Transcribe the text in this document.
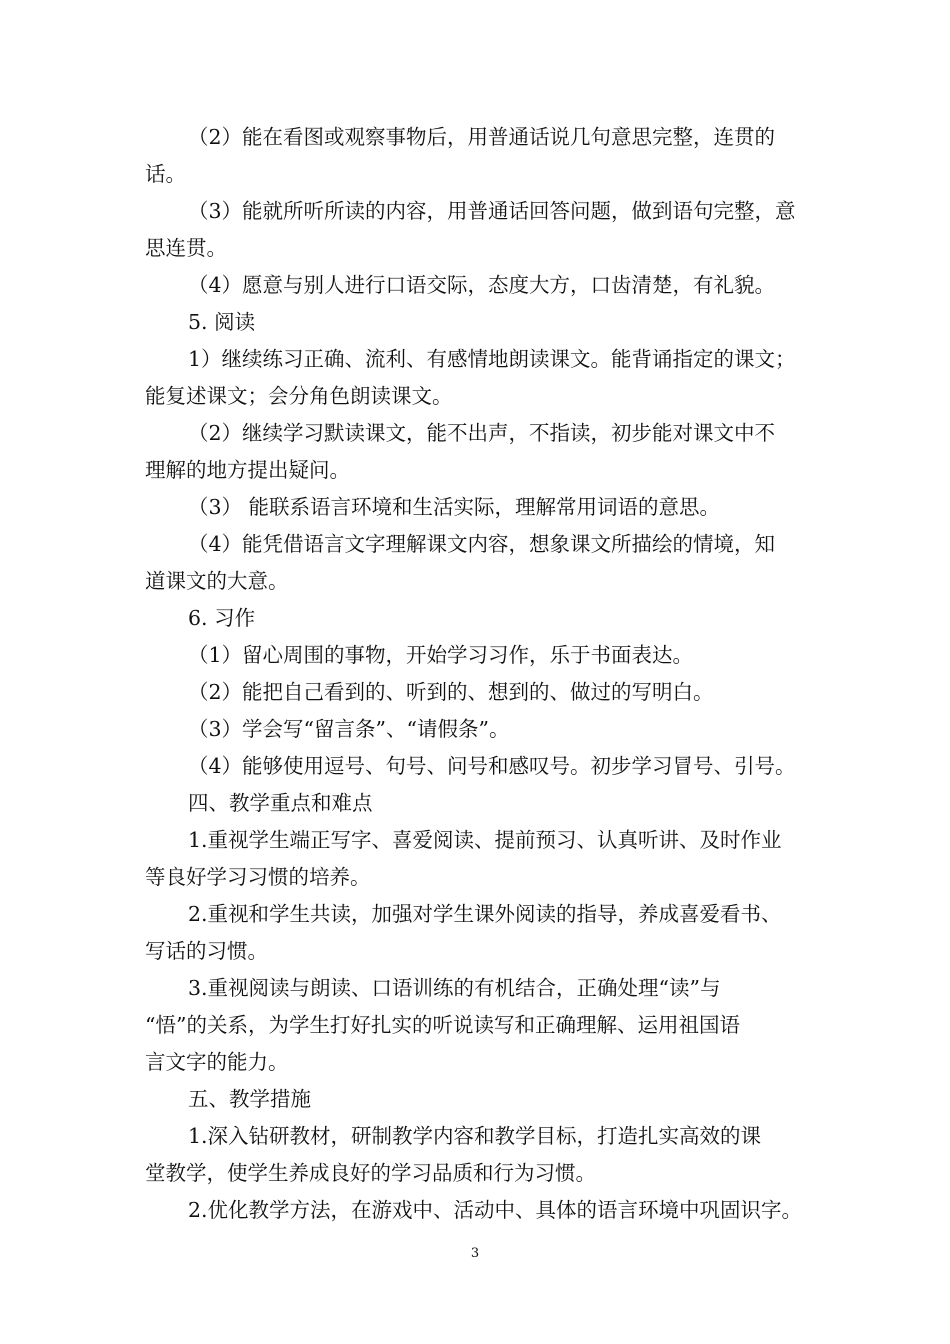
（2）能在看图或观察事物后，用普通话说几句意思完整，连贯的
话。
（3）能就所听所读的内容，用普通话回答问题，做到语句完整，意
思连贯。
（4）愿意与别人进行口语交际，态度大方，口齿清楚，有礼貌。
5. 阅读
1）继续练习正确、流利、有感情地朗读课文。能背诵指定的课文；
能复述课文；会分角色朗读课文。
（2）继续学习默读课文，能不出声，不指读，初步能对课文中不
理解的地方提出疑问。
（3） 能联系语言环境和生活实际，理解常用词语的意思。
（4）能凭借语言文字理解课文内容，想象课文所描绘的情境，知
道课文的大意。
6. 习作
（1）留心周围的事物，开始学习习作，乐于书面表达。
（2）能把自己看到的、听到的、想到的、做过的写明白。
（3）学会写“留言条”、“请假条”。
（4）能够使用逗号、句号、问号和感叹号。初步学习冒号、引号。
四、教学重点和难点
1.重视学生端正写字、喜爱阅读、提前预习、认真听讲、及时作业
等良好学习习惯的培养。
2.重视和学生共读，加强对学生课外阅读的指导，养成喜爱看书、
写话的习惯。
3.重视阅读与朗读、口语训练的有机结合，正确处理“读”与
“悟”的关系，为学生打好扎实的听说读写和正确理解、运用祖国语
言文字的能力。
五、教学措施
1.深入钻研教材，研制教学内容和教学目标，打造扎实高效的课
堂教学，使学生养成良好的学习品质和行为习惯。
2.优化教学方法，在游戏中、活动中、具体的语言环境中巩固识字。
3
